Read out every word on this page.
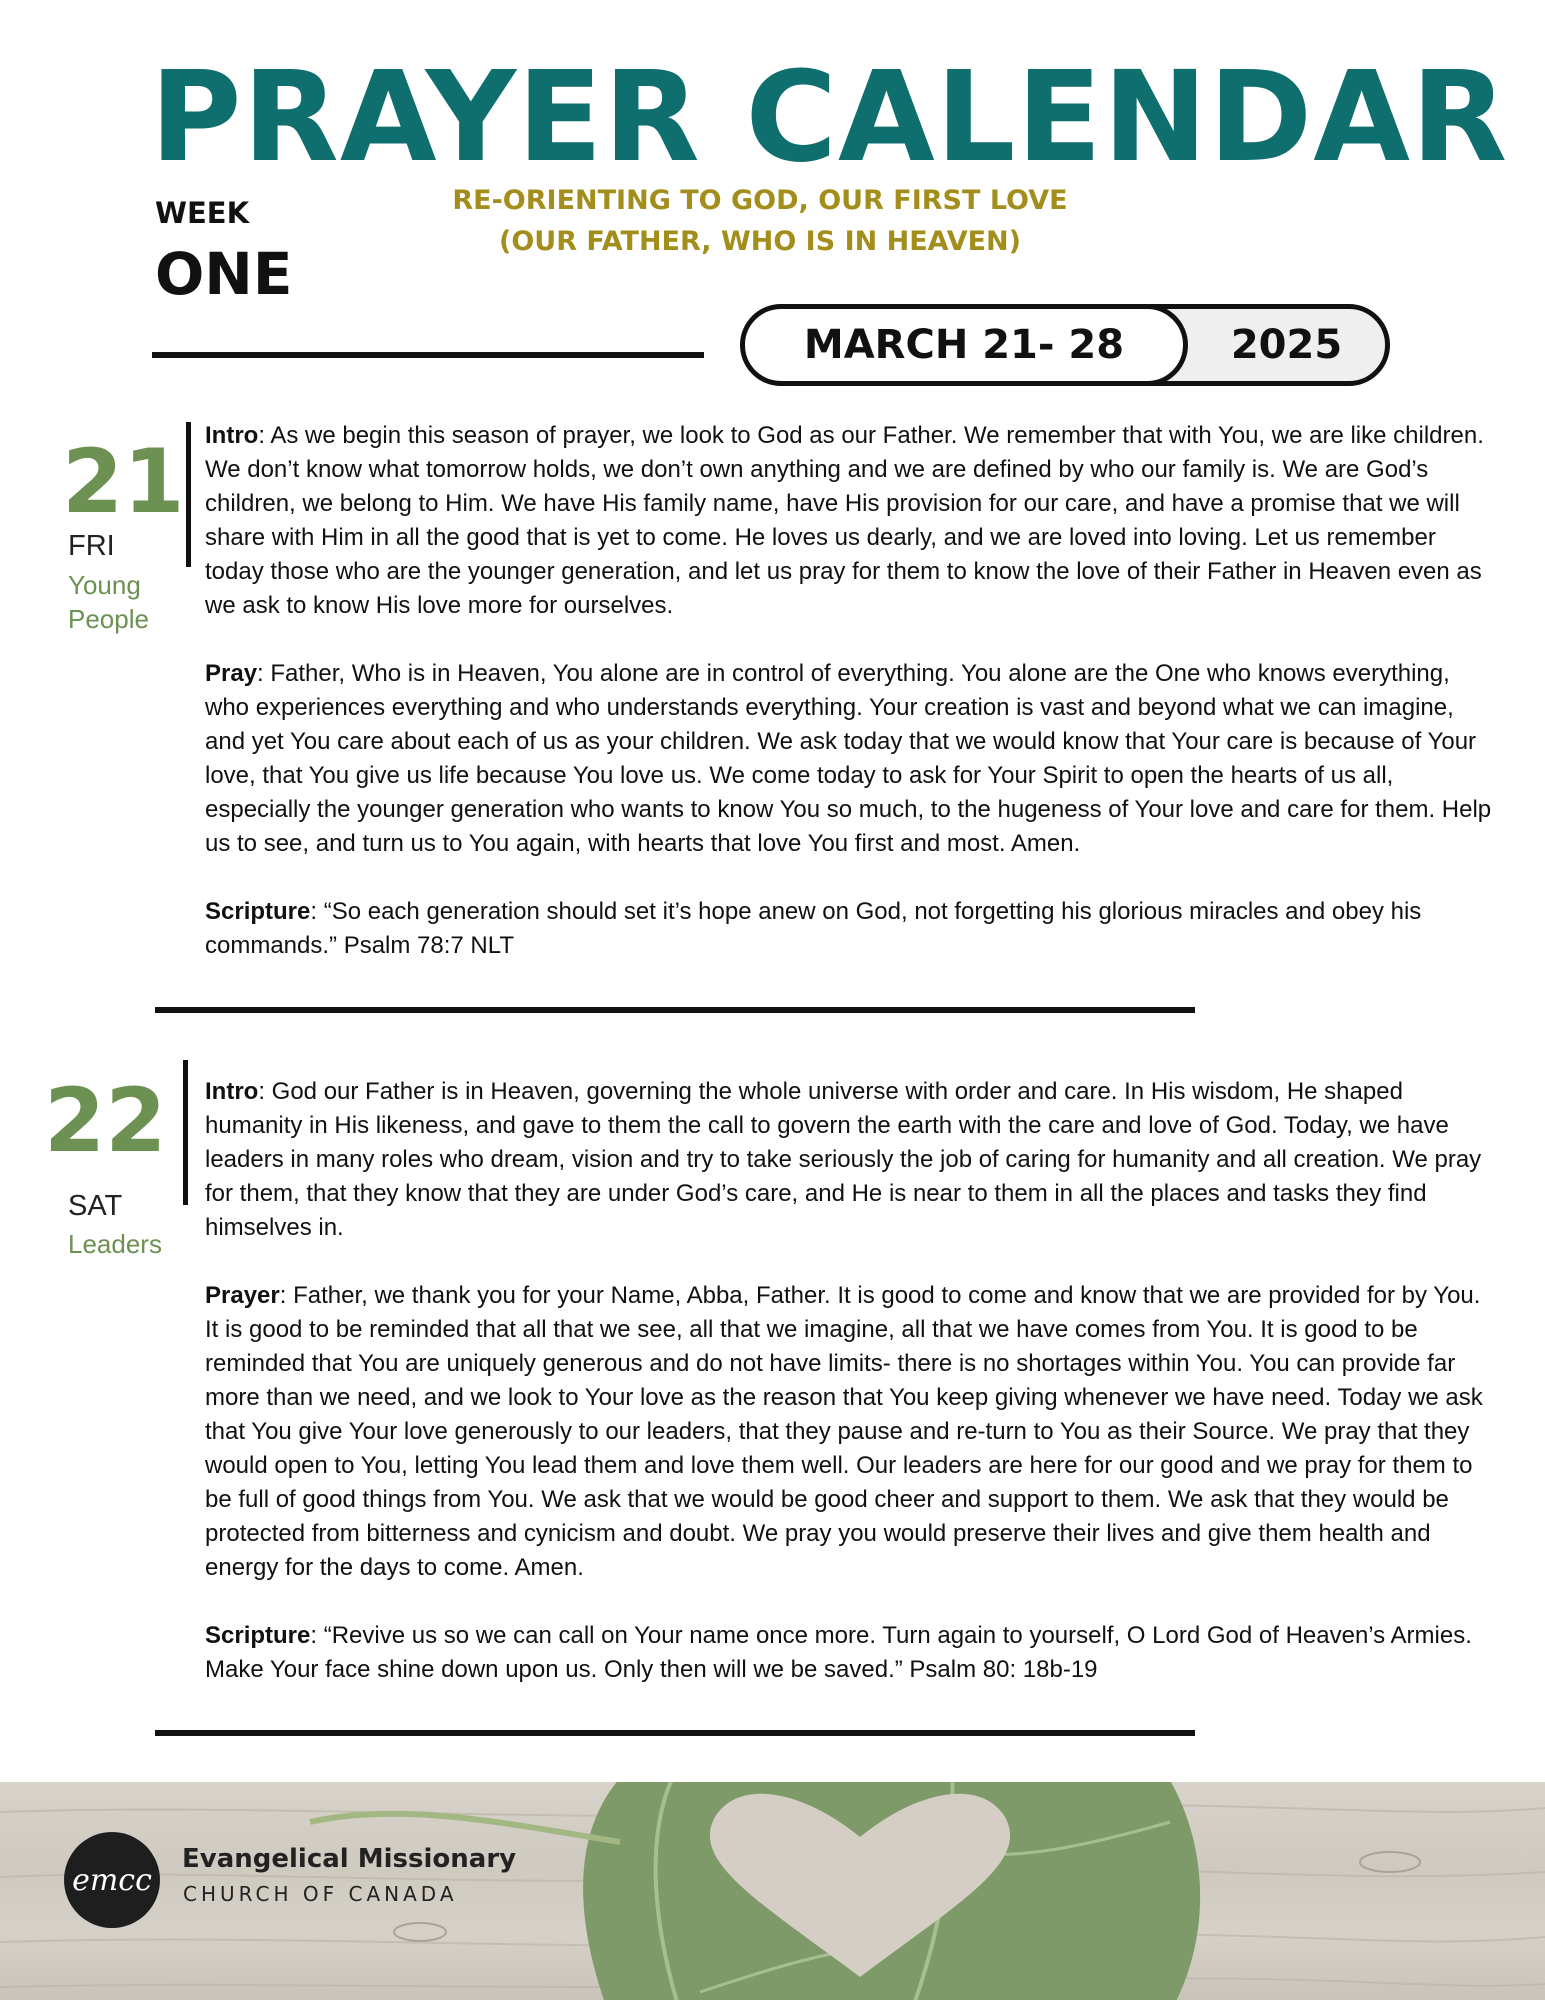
PRAYER CALENDAR
WEEK
ONE
RE-ORIENTING TO GOD, OUR FIRST LOVE
(OUR FATHER, WHO IS IN HEAVEN)
MARCH 21- 28	2025
21
FRI
Young
People

Intro: As we begin this season of prayer, we look to God as our Father. We remember that with You, we are like children. We don’t know what tomorrow holds, we don’t own anything and we are defined by who our family is. We are God’s children, we belong to Him. We have His family name, have His provision for our care, and have a promise that we will share with Him in all the good that is yet to come. He loves us dearly, and we are loved into loving. Let us remember today those who are the younger generation, and let us pray for them to know the love of their Father in Heaven even as we ask to know His love more for ourselves.

Pray: Father, Who is in Heaven, You alone are in control of everything. You alone are the One who knows everything, who experiences everything and who understands everything. Your creation is vast and beyond what we can imagine, and yet You care about each of us as your children. We ask today that we would know that Your care is because of Your love, that You give us life because You love us. We come today to ask for Your Spirit to open the hearts of us all, especially the younger generation who wants to know You so much, to the hugeness of Your love and care for them. Help us to see, and turn us to You again, with hearts that love You first and most. Amen.

Scripture: “So each generation should set it’s hope anew on God, not forgetting his glorious miracles and obey his commands.” Psalm 78:7 NLT

22
SAT
Leaders

Intro: God our Father is in Heaven, governing the whole universe with order and care. In His wisdom, He shaped humanity in His likeness, and gave to them the call to govern the earth with the care and love of God. Today, we have leaders in many roles who dream, vision and try to take seriously the job of caring for humanity and all creation. We pray for them, that they know that they are under God’s care, and He is near to them in all the places and tasks they find himselves in.

Prayer: Father, we thank you for your Name, Abba, Father. It is good to come and know that we are provided for by You. It is good to be reminded that all that we see, all that we imagine, all that we have comes from You. It is good to be reminded that You are uniquely generous and do not have limits- there is no shortages within You. You can provide far more than we need, and we look to Your love as the reason that You keep giving whenever we have need. Today we ask that You give Your love generously to our leaders, that they pause and re-turn to You as their Source. We pray that they would open to You, letting You lead them and love them well. Our leaders are here for our good and we pray for them to be full of good things from You. We ask that we would be good cheer and support to them. We ask that they would be protected from bitterness and cynicism and doubt. We pray you would preserve their lives and give them health and energy for the days to come. Amen.

Scripture: “Revive us so we can call on Your name once more. Turn again to yourself, O Lord God of Heaven’s Armies. Make Your face shine down upon us. Only then will we be saved.” Psalm 80: 18b-19

emcc
Evangelical Missionary
CHURCH OF CANADA
